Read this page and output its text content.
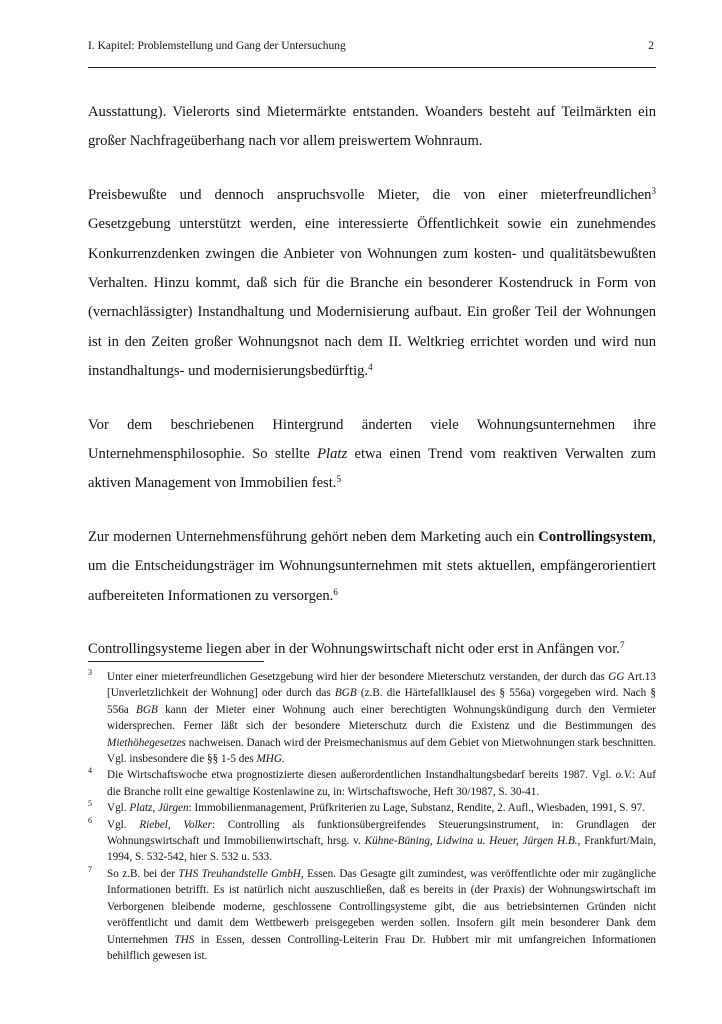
I. Kapitel: Problemstellung und Gang der Untersuchung	2

Ausstattung). Vielerorts sind Mietermärkte entstanden. Woanders besteht auf Teilmärkten ein großer Nachfrageüberhang nach vor allem preiswertem Wohnraum.

Preisbewußte und dennoch anspruchsvolle Mieter, die von einer mieterfreundlichen$^3$ Gesetzgebung unterstützt werden, eine interessierte Öffentlichkeit sowie ein zunehmendes Konkurrenzdenken zwingen die Anbieter von Wohnungen zum kosten- und qualitätsbewußten Verhalten. Hinzu kommt, daß sich für die Branche ein besonderer Kostendruck in Form von (vernachlässigter) Instandhaltung und Modernisierung aufbaut. Ein großer Teil der Wohnungen ist in den Zeiten großer Wohnungsnot nach dem II. Weltkrieg errichtet worden und wird nun instandhaltungs- und modernisierungsbedürftig.$^4$

Vor dem beschriebenen Hintergrund änderten viele Wohnungsunternehmen ihre Unternehmensphilosophie. So stellte Platz etwa einen Trend vom reaktiven Verwalten zum aktiven Management von Immobilien fest.$^5$

Zur modernen Unternehmensführung gehört neben dem Marketing auch ein Controllingsystem, um die Entscheidungsträger im Wohnungsunternehmen mit stets aktuellen, empfängerorientiert aufbereiteten Informationen zu versorgen.$^6$

Controllingsysteme liegen aber in der Wohnungswirtschaft nicht oder erst in Anfängen vor.$^7$

3 Unter einer mieterfreundlichen Gesetzgebung wird hier der besondere Mieterschutz verstanden, der durch das GG Art.13 [Unverletzlichkeit der Wohnung] oder durch das BGB (z.B. die Härtefallklausel des § 556a) vorgegeben wird. Nach § 556a BGB kann der Mieter einer Wohnung auch einer berechtigten Wohnungskündigung durch den Vermieter widersprechen. Ferner läßt sich der besondere Mieterschutz durch die Existenz und die Bestimmungen des Miethöhegesetzes nachweisen. Danach wird der Preismechanismus auf dem Gebiet von Mietwohnungen stark beschnitten. Vgl. insbesondere die §§ 1-5 des MHG.
4 Die Wirtschaftswoche etwa prognostizierte diesen außerordentlichen Instandhaltungsbedarf bereits 1987. Vgl. o.V.: Auf die Branche rollt eine gewaltige Kostenlawine zu, in: Wirtschaftswoche, Heft 30/1987, S. 30-41.
5 Vgl. Platz, Jürgen: Immobilienmanagement, Prüfkriterien zu Lage, Substanz, Rendite, 2. Aufl., Wiesbaden, 1991, S. 97.
6 Vgl. Riebel, Volker: Controlling als funktionsübergreifendes Steuerungsinstrument, in: Grundlagen der Wohnungswirtschaft und Immobilienwirtschaft, hrsg. v. Kühne-Büning, Lidwina u. Heuer, Jürgen H.B., Frankfurt/Main, 1994, S. 532-542, hier S. 532 u. 533.
7 So z.B. bei der THS Treuhandstelle GmbH, Essen. Das Gesagte gilt zumindest, was veröffentlichte oder mir zugängliche Informationen betrifft. Es ist natürlich nicht auszuschließen, daß es bereits in (der Praxis) der Wohnungswirtschaft im Verborgenen bleibende moderne, geschlossene Controllingsysteme gibt, die aus betriebsinternen Gründen nicht veröffentlicht und damit dem Wettbewerb preisgegeben werden sollen. Insofern gilt mein besonderer Dank dem Unternehmen THS in Essen, dessen Controlling-Leiterin Frau Dr. Hubbert mir mit umfangreichen Informationen behilflich gewesen ist.
